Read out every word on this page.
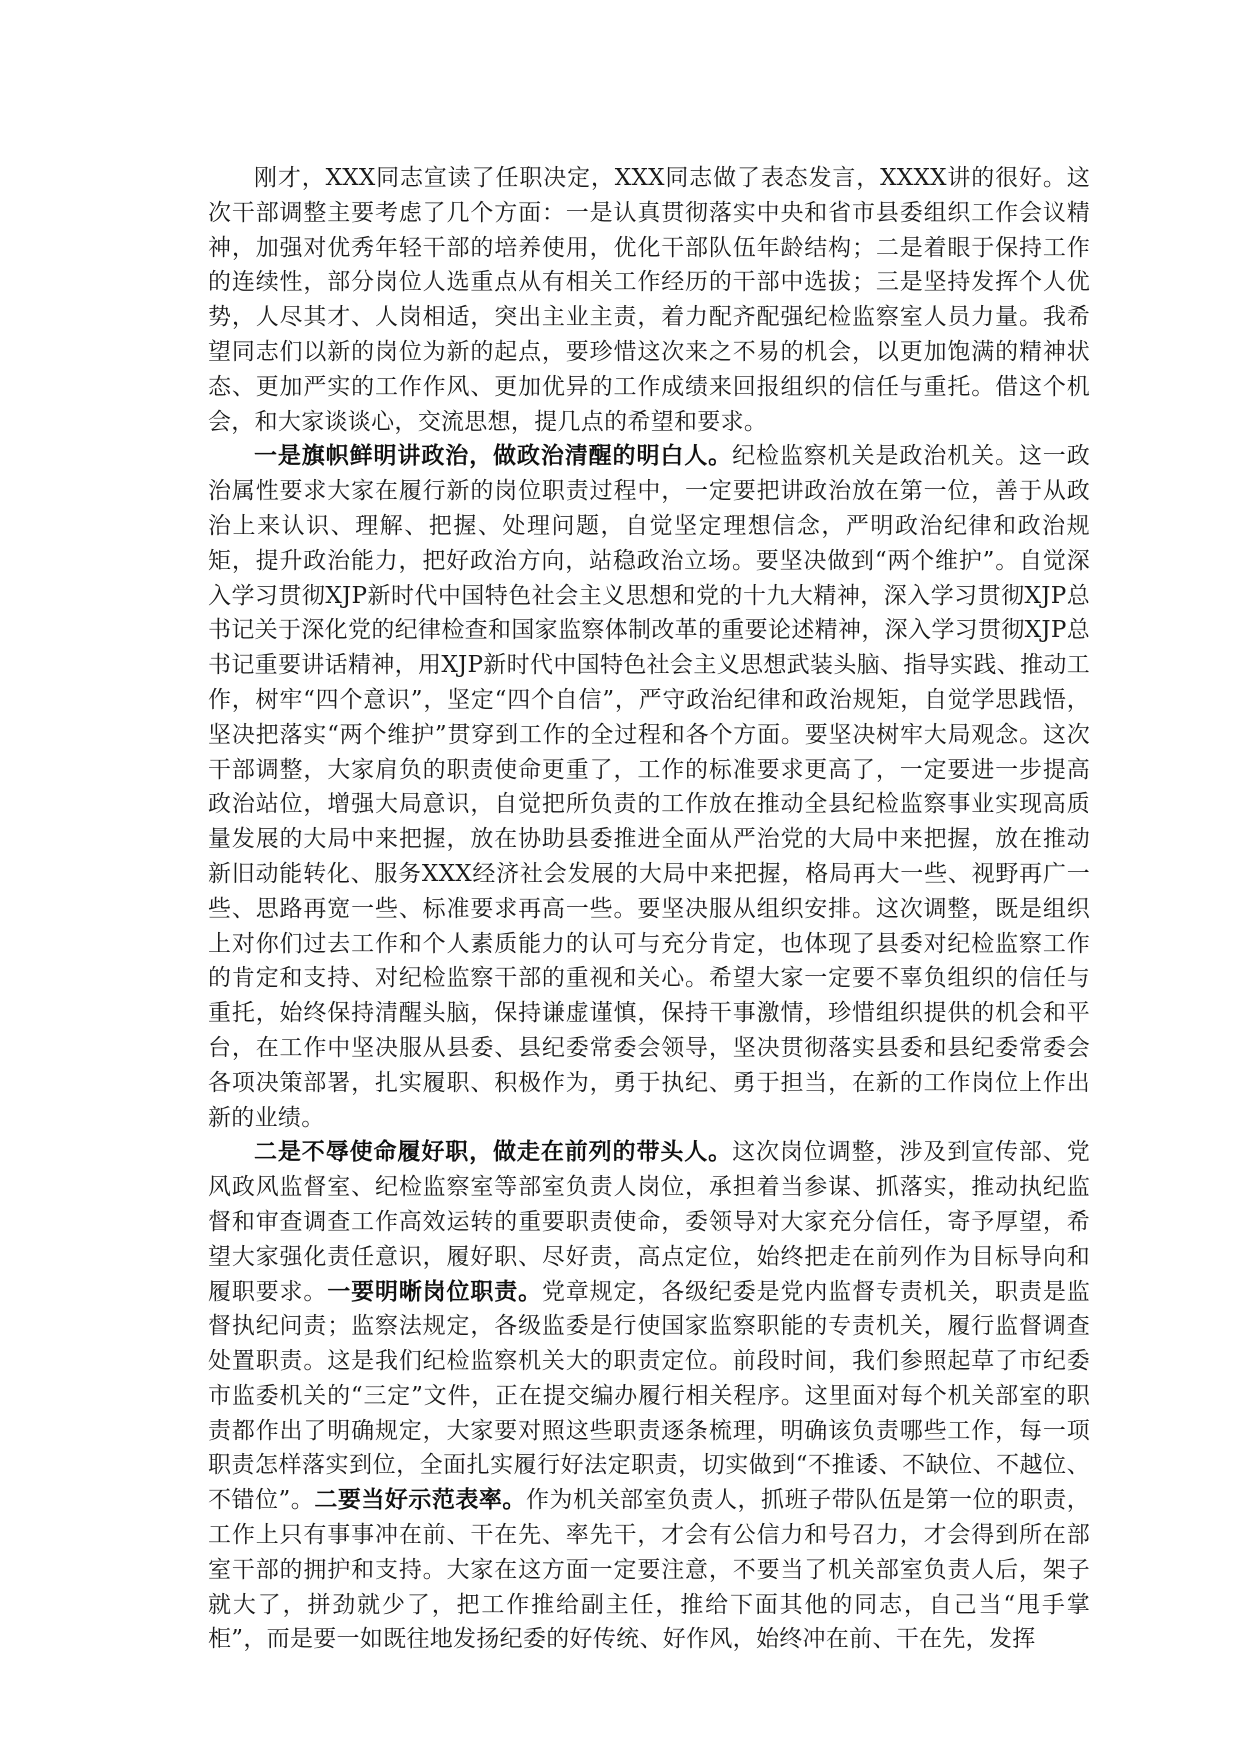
刚才，XXX同志宣读了任职决定，XXX同志做了表态发言，XXXX讲的很好。这次干部调整主要考虑了几个方面：一是认真贯彻落实中央和省市县委组织工作会议精神，加强对优秀年轻干部的培养使用，优化干部队伍年龄结构；二是着眼于保持工作的连续性，部分岗位人选重点从有相关工作经历的干部中选拔；三是坚持发挥个人优势，人尽其才、人岗相适，突出主业主责，着力配齐配强纪检监察室人员力量。我希望同志们以新的岗位为新的起点，要珍惜这次来之不易的机会，以更加饱满的精神状态、更加严实的工作作风、更加优异的工作成绩来回报组织的信任与重托。借这个机会，和大家谈谈心，交流思想，提几点的希望和要求。

一是旗帜鲜明讲政治，做政治清醒的明白人。纪检监察机关是政治机关。这一政治属性要求大家在履行新的岗位职责过程中，一定要把讲政治放在第一位，善于从政治上来认识、理解、把握、处理问题，自觉坚定理想信念，严明政治纪律和政治规矩，提升政治能力，把好政治方向，站稳政治立场。要坚决做到“两个维护”。自觉深入学习贯彻XJP新时代中国特色社会主义思想和党的十九大精神，深入学习贯彻XJP总书记关于深化党的纪律检查和国家监察体制改革的重要论述精神，深入学习贯彻XJP总书记重要讲话精神，用XJP新时代中国特色社会主义思想武装头脑、指导实践、推动工作，树牢“四个意识”，坚定“四个自信”，严守政治纪律和政治规矩，自觉学思践悟，坚决把落实“两个维护”贯穿到工作的全过程和各个方面。要坚决树牢大局观念。这次干部调整，大家肩负的职责使命更重了，工作的标准要求更高了，一定要进一步提高政治站位，增强大局意识，自觉把所负责的工作放在推动全县纪检监察事业实现高质量发展的大局中来把握，放在协助县委推进全面从严治党的大局中来把握，放在推动新旧动能转化、服务XXX经济社会发展的大局中来把握，格局再大一些、视野再广一些、思路再宽一些、标准要求再高一些。要坚决服从组织安排。这次调整，既是组织上对你们过去工作和个人素质能力的认可与充分肯定，也体现了县委对纪检监察工作的肯定和支持、对纪检监察干部的重视和关心。希望大家一定要不辜负组织的信任与重托，始终保持清醒头脑，保持谦虚谨慎，保持干事激情，珍惜组织提供的机会和平台，在工作中坚决服从县委、县纪委常委会领导，坚决贯彻落实县委和县纪委常委会各项决策部署，扎实履职、积极作为，勇于执纪、勇于担当，在新的工作岗位上作出新的业绩。

二是不辱使命履好职，做走在前列的带头人。这次岗位调整，涉及到宣传部、党风政风监督室、纪检监察室等部室负责人岗位，承担着当参谋、抓落实，推动执纪监督和审查调查工作高效运转的重要职责使命，委领导对大家充分信任，寄予厚望，希望大家强化责任意识，履好职、尽好责，高点定位，始终把走在前列作为目标导向和履职要求。一要明晰岗位职责。党章规定，各级纪委是党内监督专责机关，职责是监督执纪问责；监察法规定，各级监委是行使国家监察职能的专责机关，履行监督调查处置职责。这是我们纪检监察机关大的职责定位。前段时间，我们参照起草了市纪委市监委机关的“三定”文件，正在提交编办履行相关程序。这里面对每个机关部室的职责都作出了明确规定，大家要对照这些职责逐条梳理，明确该负责哪些工作，每一项职责怎样落实到位，全面扎实履行好法定职责，切实做到“不推诿、不缺位、不越位、不错位”。二要当好示范表率。作为机关部室负责人，抓班子带队伍是第一位的职责，工作上只有事事冲在前、干在先、率先干，才会有公信力和号召力，才会得到所在部室干部的拥护和支持。大家在这方面一定要注意，不要当了机关部室负责人后，架子就大了，拼劲就少了，把工作推给副主任，推给下面其他的同志，自己当“甩手掌柜”，而是要一如既往地发扬纪委的好传统、好作风，始终冲在前、干在先，发挥
